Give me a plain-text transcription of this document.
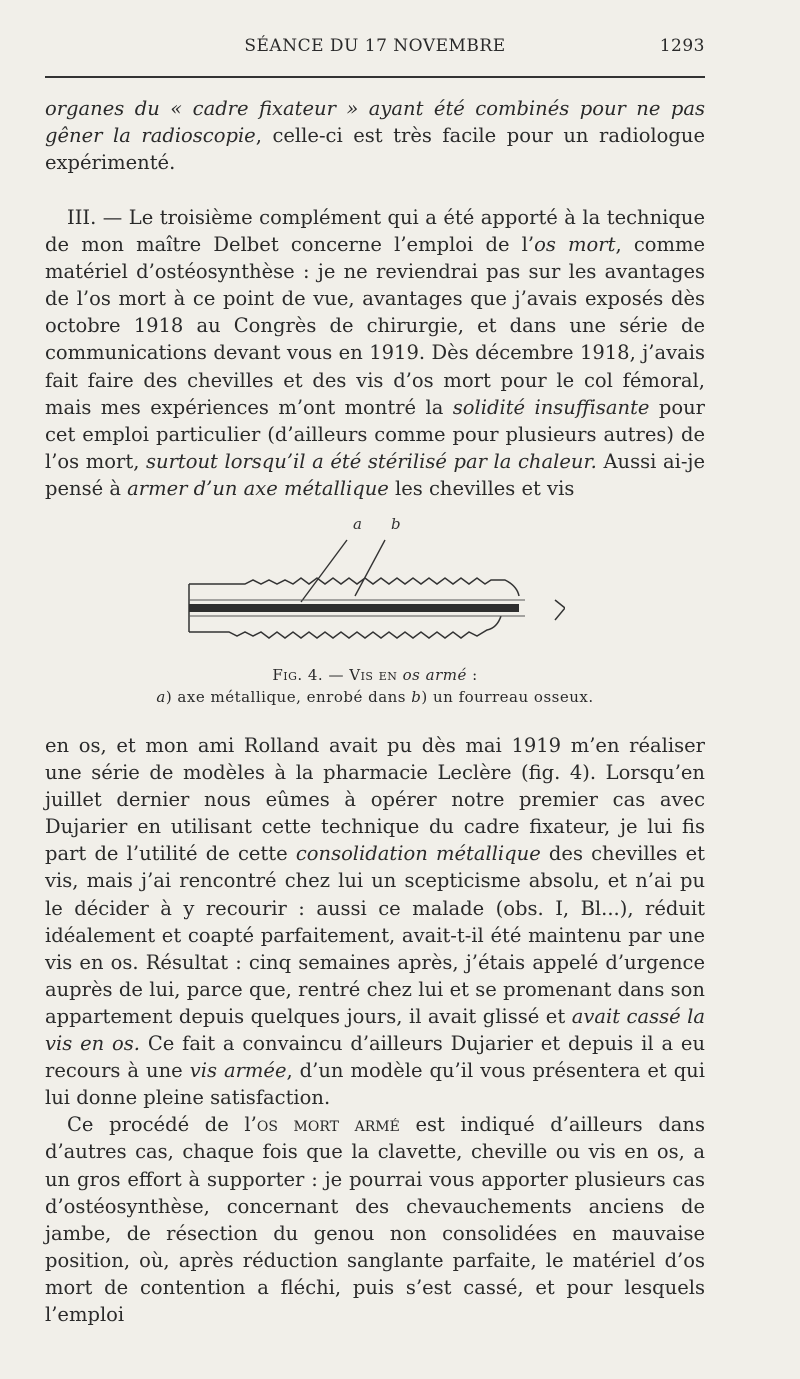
SÉANCE DU 17 NOVEMBRE	1293

organes du « cadre fixateur » ayant été combinés pour ne pas gêner la radioscopie, celle-ci est très facile pour un radiologue expérimenté.

III. — Le troisième complément qui a été apporté à la technique de mon maître Delbet concerne l’emploi de l’os mort, comme matériel d’ostéosynthèse : je ne reviendrai pas sur les avantages de l’os mort à ce point de vue, avantages que j’avais exposés dès octobre 1918 au Congrès de chirurgie, et dans une série de communications devant vous en 1919. Dès décembre 1918, j’avais fait faire des chevilles et des vis d’os mort pour le col fémoral, mais mes expériences m’ont montré la solidité insuffisante pour cet emploi particulier (d’ailleurs comme pour plusieurs autres) de l’os mort, surtout lorsqu’il a été stérilisé par la chaleur. Aussi ai-je pensé à armer d’un axe métallique les chevilles et vis

a b
Fig. 4. — Vis en os armé :
a) axe métallique, enrobé dans b) un fourreau osseux.

en os, et mon ami Rolland avait pu dès mai 1919 m’en réaliser une série de modèles à la pharmacie Leclère (fig. 4). Lorsqu’en juillet dernier nous eûmes à opérer notre premier cas avec Dujarier en utilisant cette technique du cadre fixateur, je lui fis part de l’utilité de cette consolidation métallique des chevilles et vis, mais j’ai rencontré chez lui un scepticisme absolu, et n’ai pu le décider à y recourir : aussi ce malade (obs. I, Bl...), réduit idéalement et coapté parfaitement, avait-t-il été maintenu par une vis en os. Résultat : cinq semaines après, j’étais appelé d’urgence auprès de lui, parce que, rentré chez lui et se promenant dans son appartement depuis quelques jours, il avait glissé et avait cassé la vis en os. Ce fait a convaincu d’ailleurs Dujarier et depuis il a eu recours à une vis armée, d’un modèle qu’il vous présentera et qui lui donne pleine satisfaction.

Ce procédé de l’os mort armé est indiqué d’ailleurs dans d’autres cas, chaque fois que la clavette, cheville ou vis en os, a un gros effort à supporter : je pourrai vous apporter plusieurs cas d’ostéosynthèse, concernant des chevauchements anciens de jambe, de résection du genou non consolidées en mauvaise position, où, après réduction sanglante parfaite, le matériel d’os mort de contention a fléchi, puis s’est cassé, et pour lesquels l’emploi
